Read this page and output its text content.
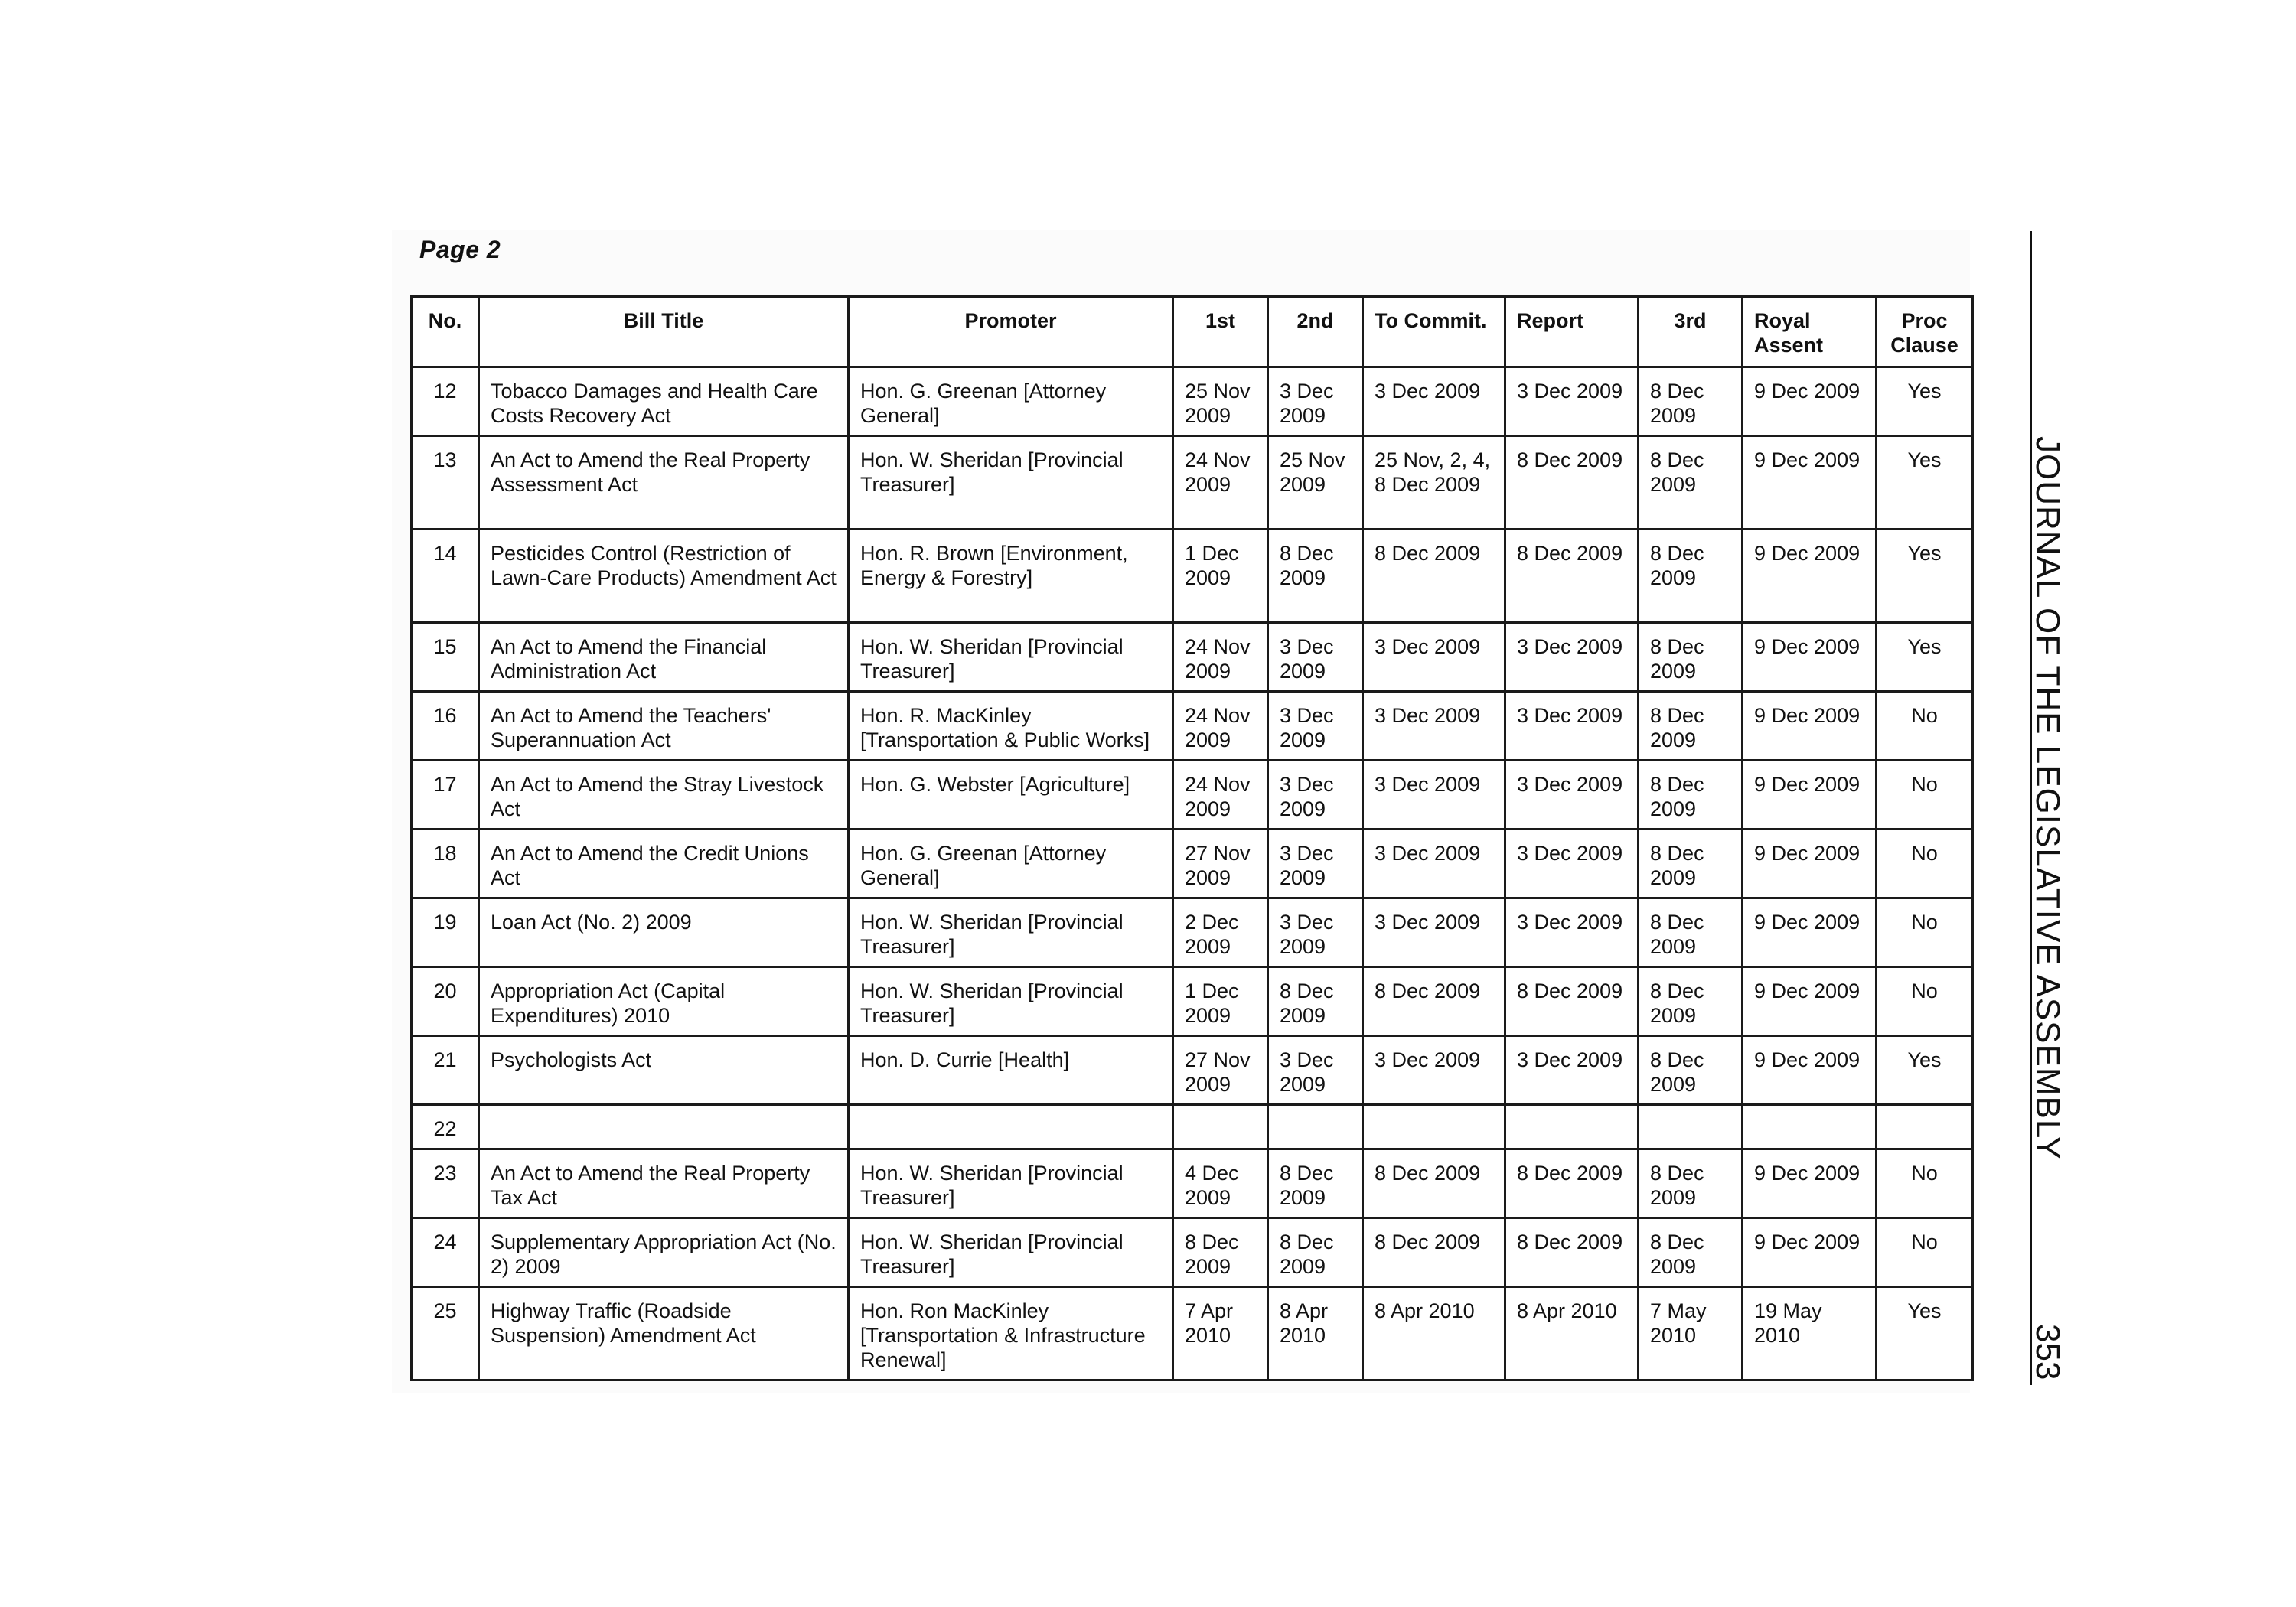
Page 2
No.	Bill Title	Promoter	1st	2nd	To Commit.	Report	3rd	Royal Assent	Proc Clause
12	Tobacco Damages and Health Care Costs Recovery Act	Hon. G. Greenan [Attorney General]	25 Nov 2009	3 Dec 2009	3 Dec 2009	3 Dec 2009	8 Dec 2009	9 Dec 2009	Yes
13	An Act to Amend the Real Property Assessment Act	Hon. W. Sheridan [Provincial Treasurer]	24 Nov 2009	25 Nov 2009	25 Nov, 2, 4, 8 Dec 2009	8 Dec 2009	8 Dec 2009	9 Dec 2009	Yes
14	Pesticides Control (Restriction of Lawn-Care Products) Amendment Act	Hon. R. Brown [Environment, Energy & Forestry]	1 Dec 2009	8 Dec 2009	8 Dec 2009	8 Dec 2009	8 Dec 2009	9 Dec 2009	Yes
15	An Act to Amend the Financial Administration Act	Hon. W. Sheridan [Provincial Treasurer]	24 Nov 2009	3 Dec 2009	3 Dec 2009	3 Dec 2009	8 Dec 2009	9 Dec 2009	Yes
16	An Act to Amend the Teachers' Superannuation Act	Hon. R. MacKinley [Transportation & Public Works]	24 Nov 2009	3 Dec 2009	3 Dec 2009	3 Dec 2009	8 Dec 2009	9 Dec 2009	No
17	An Act to Amend the Stray Livestock Act	Hon. G. Webster [Agriculture]	24 Nov 2009	3 Dec 2009	3 Dec 2009	3 Dec 2009	8 Dec 2009	9 Dec 2009	No
18	An Act to Amend the Credit Unions Act	Hon. G. Greenan [Attorney General]	27 Nov 2009	3 Dec 2009	3 Dec 2009	3 Dec 2009	8 Dec 2009	9 Dec 2009	No
19	Loan Act (No. 2) 2009	Hon. W. Sheridan [Provincial Treasurer]	2 Dec 2009	3 Dec 2009	3 Dec 2009	3 Dec 2009	8 Dec 2009	9 Dec 2009	No
20	Appropriation Act (Capital Expenditures) 2010	Hon. W. Sheridan [Provincial Treasurer]	1 Dec 2009	8 Dec 2009	8 Dec 2009	8 Dec 2009	8 Dec 2009	9 Dec 2009	No
21	Psychologists Act	Hon. D. Currie [Health]	27 Nov 2009	3 Dec 2009	3 Dec 2009	3 Dec 2009	8 Dec 2009	9 Dec 2009	Yes
22									
23	An Act to Amend the Real Property Tax Act	Hon. W. Sheridan [Provincial Treasurer]	4 Dec 2009	8 Dec 2009	8 Dec 2009	8 Dec 2009	8 Dec 2009	9 Dec 2009	No
24	Supplementary Appropriation Act (No. 2) 2009	Hon. W. Sheridan [Provincial Treasurer]	8 Dec 2009	8 Dec 2009	8 Dec 2009	8 Dec 2009	8 Dec 2009	9 Dec 2009	No
25	Highway Traffic (Roadside Suspension) Amendment Act	Hon. Ron MacKinley [Transportation & Infrastructure Renewal]	7 Apr 2010	8 Apr 2010	8 Apr 2010	8 Apr 2010	7 May 2010	19 May 2010	Yes
JOURNAL OF THE LEGISLATIVE ASSEMBLY
353
